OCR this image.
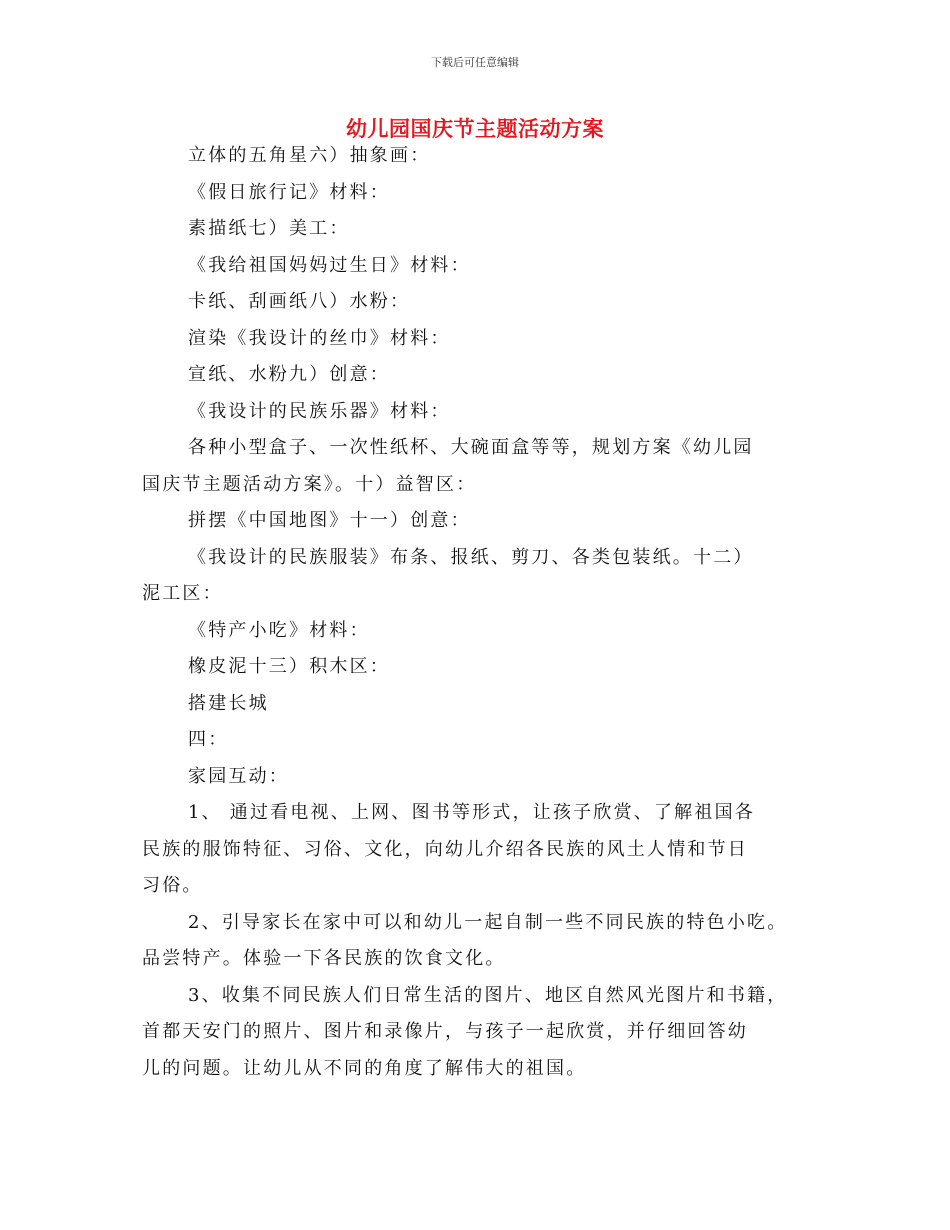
下载后可任意编辑
幼儿园国庆节主题活动方案
立体的五角星六）抽象画：
《假日旅行记》材料：
素描纸七）美工：
《我给祖国妈妈过生日》材料：
卡纸、刮画纸八）水粉：
渲染《我设计的丝巾》材料：
宣纸、水粉九）创意：
《我设计的民族乐器》材料：
各种小型盒子、一次性纸杯、大碗面盒等等，规划方案《幼儿园
国庆节主题活动方案》。十）益智区：
拼摆《中国地图》十一）创意：
《我设计的民族服装》布条、报纸、剪刀、各类包装纸。十二）
泥工区：
《特产小吃》材料：
橡皮泥十三）积木区：
搭建长城
四：
家园互动：
1、 通过看电视、上网、图书等形式，让孩子欣赏、了解祖国各
民族的服饰特征、习俗、文化，向幼儿介绍各民族的风土人情和节日
习俗。
2、引导家长在家中可以和幼儿一起自制一些不同民族的特色小吃。
品尝特产。体验一下各民族的饮食文化。
3、收集不同民族人们日常生活的图片、地区自然风光图片和书籍，
首都天安门的照片、图片和录像片，与孩子一起欣赏，并仔细回答幼
儿的问题。让幼儿从不同的角度了解伟大的祖国。
